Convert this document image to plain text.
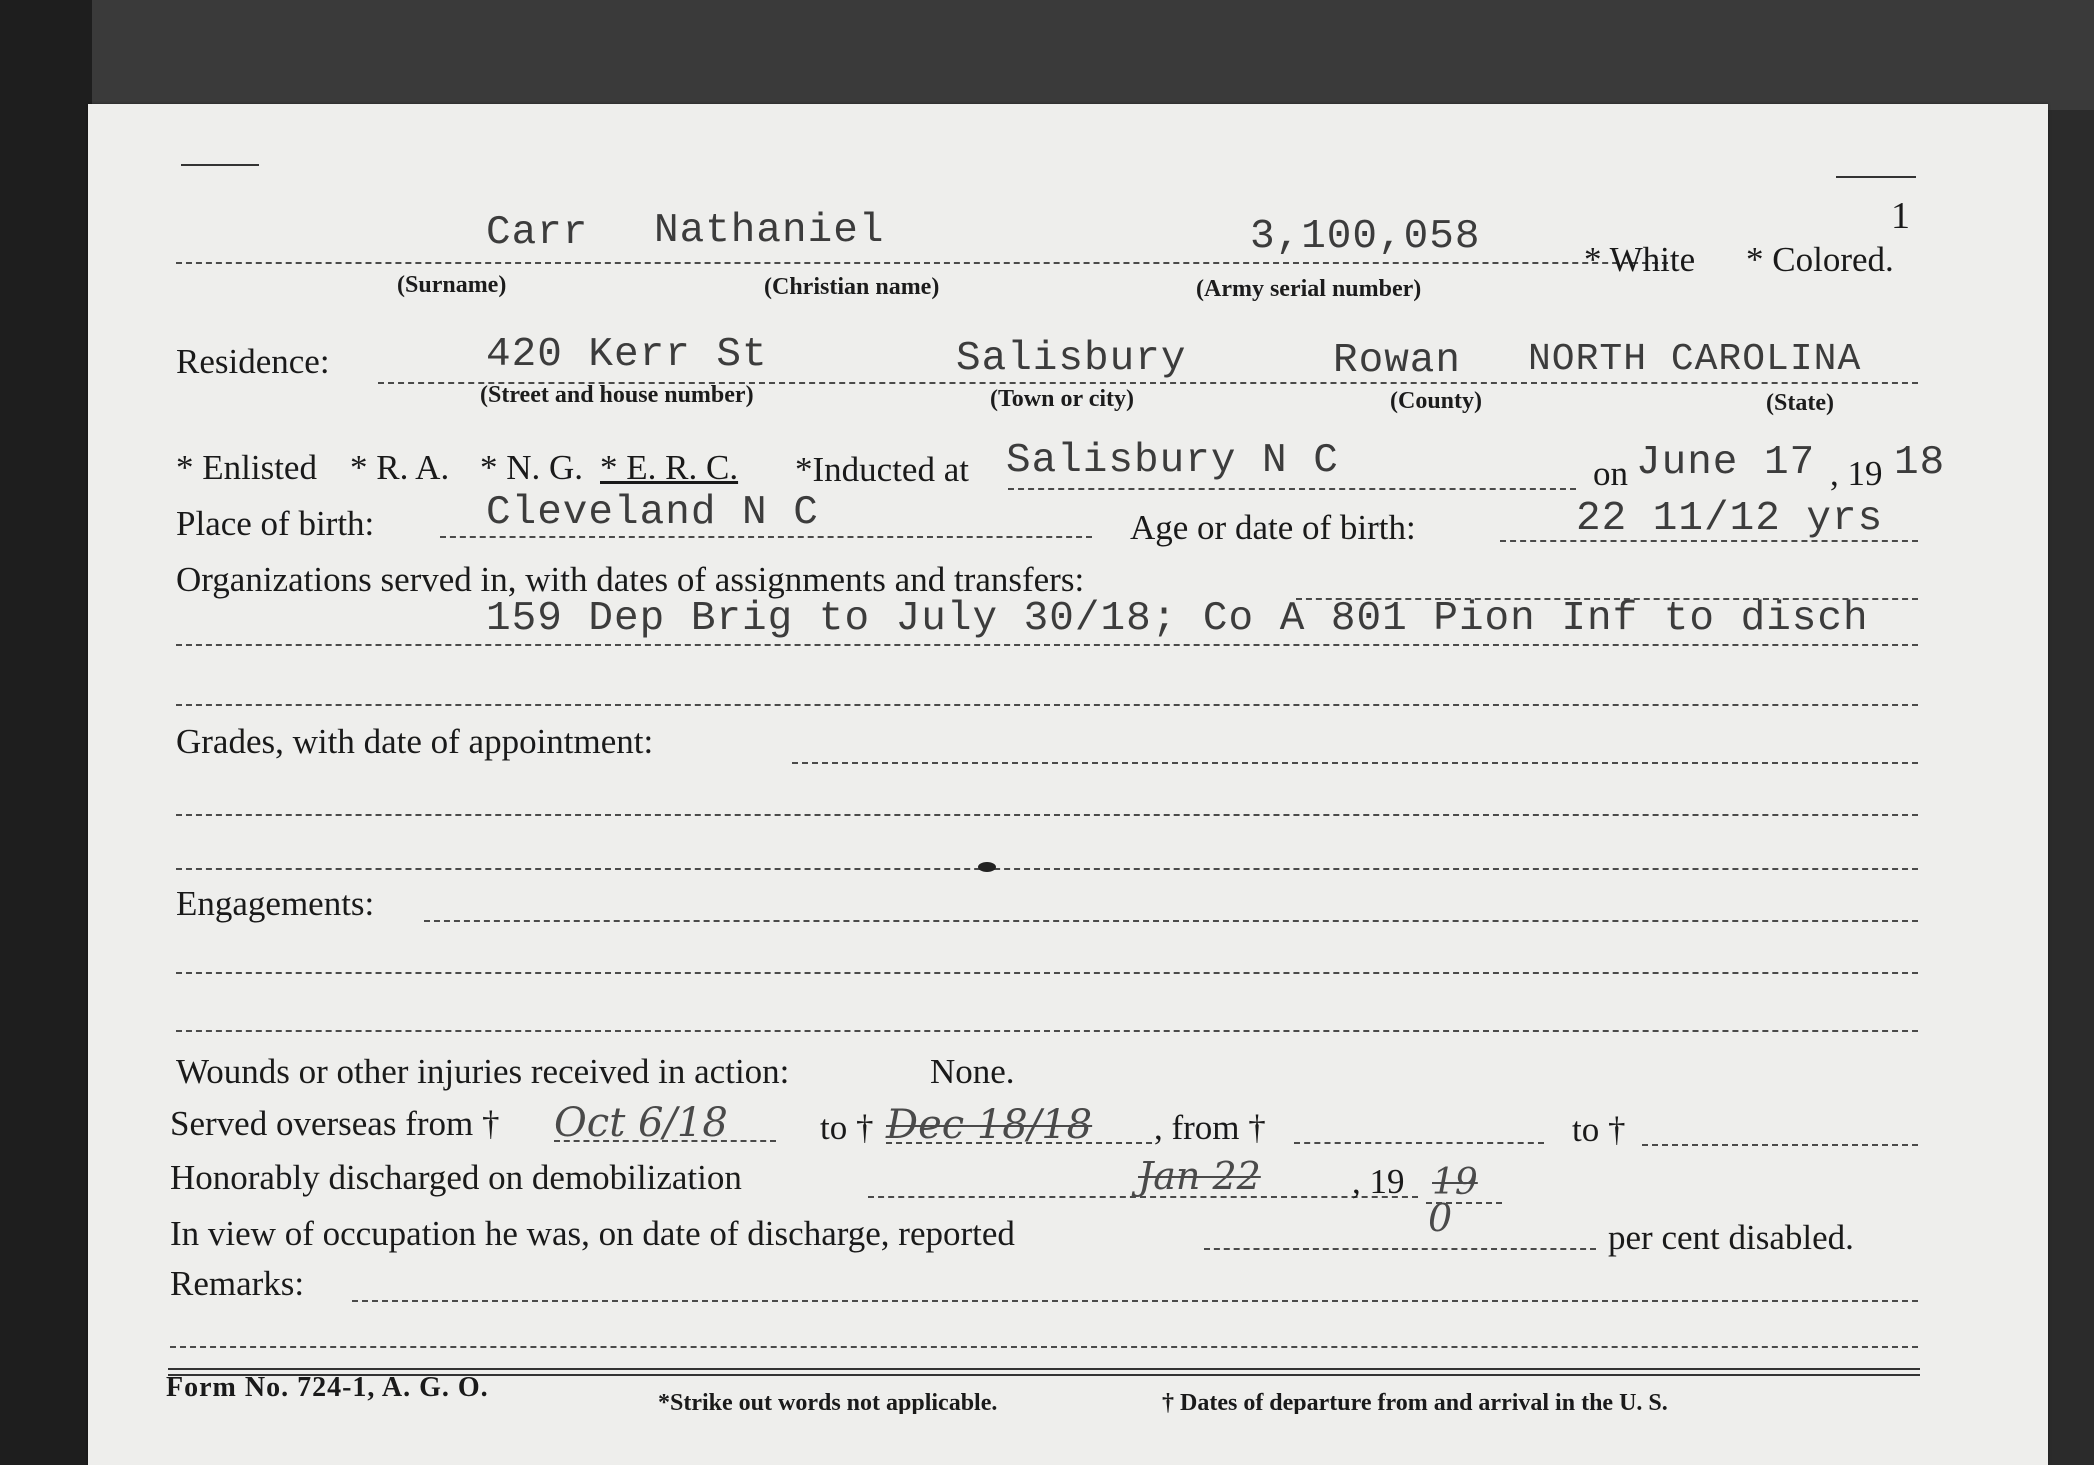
1
Carr Nathaniel	3,100,058	* White * Colored.
(Surname)	(Christian name)	(Army serial number)
Residence:	420 Kerr St	Salisbury	Rowan NORTH CAROLINA
(Street and house number)	(Town or city)	(County)	(State)
* Enlisted * R. A. * N. G. * E. R. C. *Inducted at Salisbury N C	on June 17 , 19 18
Place of birth:	Cleveland N C	Age or date of birth:	22 11/12 yrs
Organizations served in, with dates of assignments and transfers:
159 Dep Brig to July 30/18; Co A 801 Pion Inf to disch
Grades, with date of appointment:
Engagements:
Wounds or other injuries received in action:	None.
Served overseas from † Oct 6/18	to † Dec 18/18 , from †	to †
Honorably discharged on demobilization	Jan 22	, 19 19
In view of occupation he was, on date of discharge, reported	0	per cent disabled.
Remarks:
Form No. 724-1, A. G. O.	*Strike out words not applicable.	† Dates of departure from and arrival in the U. S.
